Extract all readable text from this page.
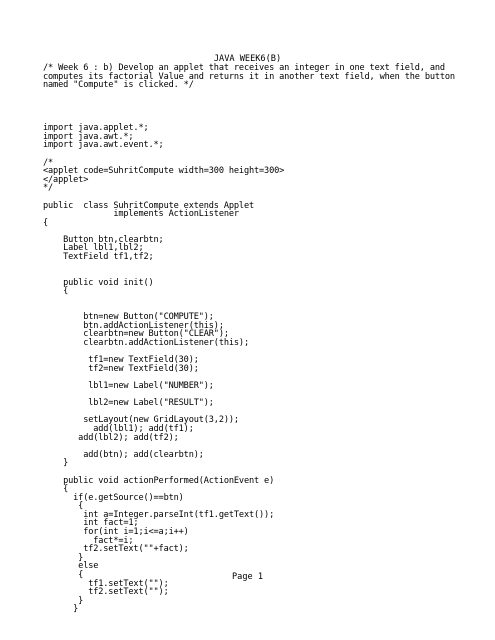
JAVA WEEK6(B)
/* Week 6 : b) Develop an applet that receives an integer in one text field, and
computes its factorial Value and returns it in another text field, when the button
named "Compute" is clicked. */
import java.applet.*;
import java.awt.*;
import java.awt.event.*;
/*
<applet code=SuhritCompute width=300 height=300>
</applet>
*/
public  class SuhritCompute extends Applet
implements ActionListener
{
Button btn,clearbtn;
Label lbl1,lbl2;
TextField tf1,tf2;
public void init()
{
btn=new Button("COMPUTE");
btn.addActionListener(this);
clearbtn=new Button("CLEAR");
clearbtn.addActionListener(this);
tf1=new TextField(30);
tf2=new TextField(30);
lbl1=new Label("NUMBER");
lbl2=new Label("RESULT");
setLayout(new GridLayout(3,2));
add(lbl1); add(tf1);
add(lbl2); add(tf2);
add(btn); add(clearbtn);
}
public void actionPerformed(ActionEvent e)
{
if(e.getSource()==btn)
{
int a=Integer.parseInt(tf1.getText());
int fact=1;
for(int i=1;i<=a;i++)
fact*=i;
tf2.setText(""+fact);
}
else
{
tf1.setText("");
tf2.setText("");
}
}
Page 1
